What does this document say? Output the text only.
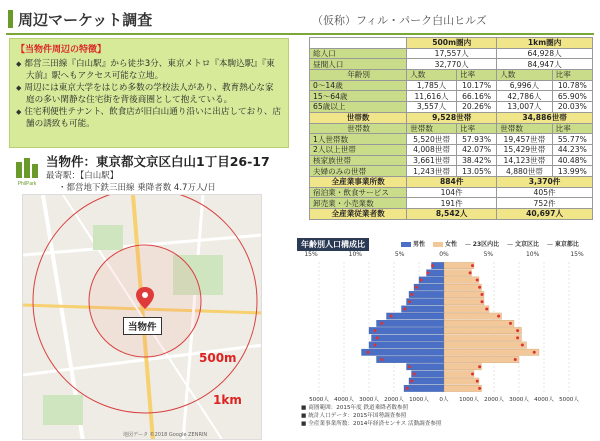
周辺マーケット調査	（仮称）フィル・パーク白山ヒルズ
【当物件周辺の特徴】
◆ 都営三田線『白山駅』から徒歩3分、東京メトロ『本駒込駅』『東大前』駅へもアクセス可能な立地。
◆ 周辺には東京大学をはじめ多数の学校法人があり、教育熱心な家庭の多い閑静な住宅街を背後商圏として抱えている。
◆ 住宅利便性テナント、飲食店が旧白山通り沿いに出店しており、店舗の誘致も可能。
PhilPark
当物件：東京都文京区白山1丁目26-17
最寄駅：【白山駅】
・都営地下鉄三田線 乗降者数 4.7万人/日
500m
1km
当物件
地図データ ©2018 Google ZENRIN
	500m圏内		1km圏内	
総人口	17,557人		64,928人	
昼間人口	32,770人		84,947人	
年齢別	人数	比率	人数	比率
0～14歳	1,785人	10.17%	6,996人	10.78%
15～64歳	11,616人	66.16%	42,786人	65.90%
65歳以上	3,557人	20.26%	13,007人	20.03%
世帯数	9,528世帯		34,886世帯	
世帯数	世帯数	比率	世帯数	比率
1人世帯数	5,520世帯	57.93%	19,457世帯	55.77%
2人以上世帯	4,008世帯	42.07%	15,429世帯	44.23%
核家族世帯	3,661世帯	38.42%	14,123世帯	40.48%
夫婦のみの世帯	1,243世帯	13.05%	4,880世帯	13.99%
全産業事業所数	884件		3,370件	
宿泊業・飲食サービス	104件		405件	
卸売業・小売業数	191件		752件	
全産業従業者数	8,542人		40,697人	
年齢別人口構成比	男性	女性 — 23区内比 — 文京区比 — 東京都比
15%	10%	5%	0%	5%	10%	15%
5000人 4000人 3000人 2000人 1000人 0人 1000人 2000人 3000人 4000人 5000人
■ 商圏範囲：2015年度 鉄道乗降者数参照
■ 統計人口データ：2015年国勢調査参照
■ 全産業事業所数：2014年経済センサス 活動調査参照
